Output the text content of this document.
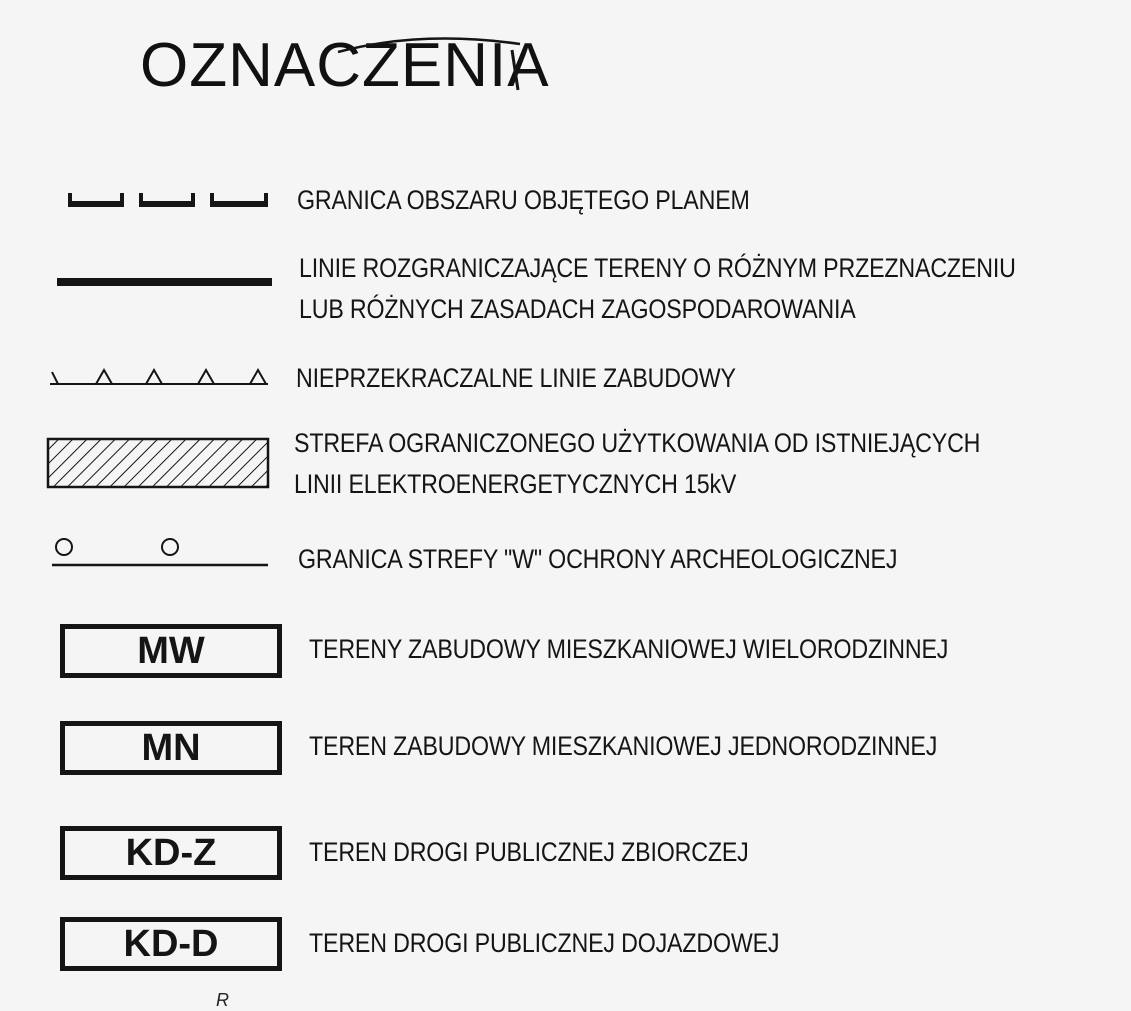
OZNACZENIA
GRANICA OBSZARU OBJĘTEGO PLANEM
LINIE ROZGRANICZAJĄCE TERENY O RÓŻNYM PRZEZNACZENIU
LUB RÓŻNYCH ZASADACH ZAGOSPODAROWANIA
NIEPRZEKRACZALNE LINIE ZABUDOWY
STREFA OGRANICZONEGO UŻYTKOWANIA OD ISTNIEJĄCYCH
LINII ELEKTROENERGETYCZNYCH 15kV
GRANICA STREFY "W" OCHRONY ARCHEOLOGICZNEJ
MW	TERENY ZABUDOWY MIESZKANIOWEJ WIELORODZINNEJ
MN	TEREN ZABUDOWY MIESZKANIOWEJ JEDNORODZINNEJ
KD-Z	TEREN DROGI PUBLICZNEJ ZBIORCZEJ
KD-D	TEREN DROGI PUBLICZNEJ DOJAZDOWEJ
R
